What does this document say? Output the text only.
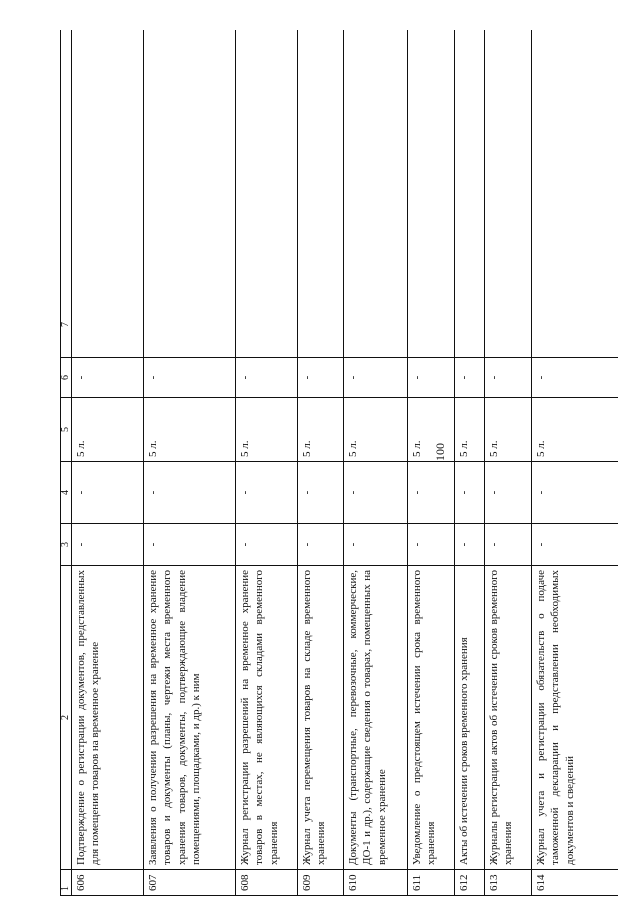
100
1	2	3	4	5	6	7
606	Подтверждение о регистрации документов, представленных для помещения товаров на временное хранение	-	-	5 л.	-	
607	Заявления о получении разрешения на временное хранение товаров и документы (планы, чертежи места временного хранения товаров, документы, подтверждающие владение помещениями, площадками, и др.) к ним	-	-	5 л.	-	
608	Журнал регистрации разрешений на временное хранение товаров в местах, не являющихся складами временного хранения	-	-	5 л.	-	
609	Журнал учета перемещения товаров на складе временного хранения	-	-	5 л.	-	
610	Документы (транспортные, перевозочные, коммерческие, ДО-1 и др.), содержащие сведения о товарах, помещенных на временное хранение	-	-	5 л.	-	
611	Уведомление о предстоящем истечении срока временного хранения	-	-	5 л.	-	
612	Акты об истечении сроков временного хранения	-	-	5 л.	-	
613	Журналы регистрации актов об истечении сроков временного хранения	-	-	5 л.	-	
614	Журнал учета и регистрации обязательств о подаче таможенной декларации и представлении необходимых документов и сведений	-	-	5 л.	-	
